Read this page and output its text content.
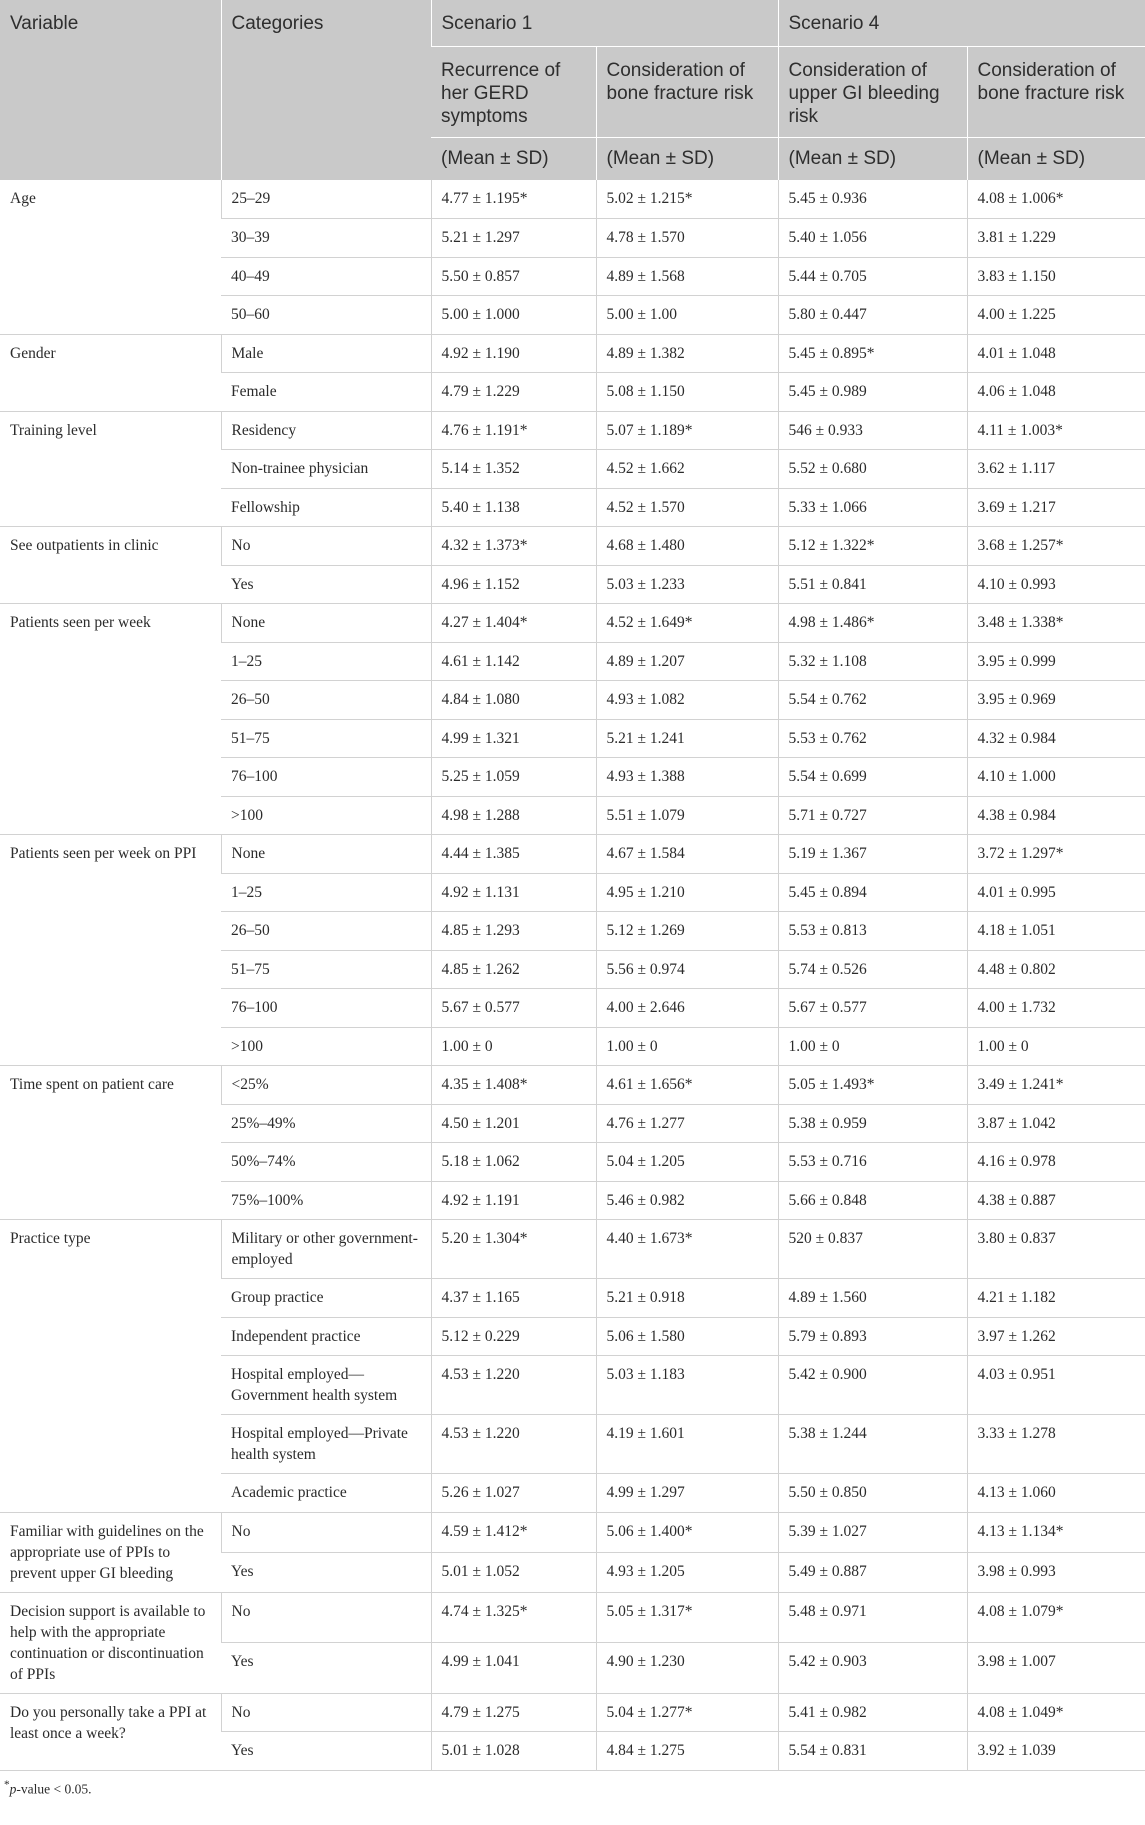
Variable	Categories	Scenario 1		Scenario 4	
		Recurrence of her GERD symptoms	Consideration of bone fracture risk	Consideration of upper GI bleeding risk	Consideration of bone fracture risk
		(Mean ± SD)	(Mean ± SD)	(Mean ± SD)	(Mean ± SD)
Age	25–29	4.77 ± 1.195*	5.02 ± 1.215*	5.45 ± 0.936	4.08 ± 1.006*
	30–39	5.21 ± 1.297	4.78 ± 1.570	5.40 ± 1.056	3.81 ± 1.229
	40–49	5.50 ± 0.857	4.89 ± 1.568	5.44 ± 0.705	3.83 ± 1.150
	50–60	5.00 ± 1.000	5.00 ± 1.00	5.80 ± 0.447	4.00 ± 1.225
Gender	Male	4.92 ± 1.190	4.89 ± 1.382	5.45 ± 0.895*	4.01 ± 1.048
	Female	4.79 ± 1.229	5.08 ± 1.150	5.45 ± 0.989	4.06 ± 1.048
Training level	Residency	4.76 ± 1.191*	5.07 ± 1.189*	546 ± 0.933	4.11 ± 1.003*
	Non-trainee physician	5.14 ± 1.352	4.52 ± 1.662	5.52 ± 0.680	3.62 ± 1.117
	Fellowship	5.40 ± 1.138	4.52 ± 1.570	5.33 ± 1.066	3.69 ± 1.217
See outpatients in clinic	No	4.32 ± 1.373*	4.68 ± 1.480	5.12 ± 1.322*	3.68 ± 1.257*
	Yes	4.96 ± 1.152	5.03 ± 1.233	5.51 ± 0.841	4.10 ± 0.993
Patients seen per week	None	4.27 ± 1.404*	4.52 ± 1.649*	4.98 ± 1.486*	3.48 ± 1.338*
	1–25	4.61 ± 1.142	4.89 ± 1.207	5.32 ± 1.108	3.95 ± 0.999
	26–50	4.84 ± 1.080	4.93 ± 1.082	5.54 ± 0.762	3.95 ± 0.969
	51–75	4.99 ± 1.321	5.21 ± 1.241	5.53 ± 0.762	4.32 ± 0.984
	76–100	5.25 ± 1.059	4.93 ± 1.388	5.54 ± 0.699	4.10 ± 1.000
	>100	4.98 ± 1.288	5.51 ± 1.079	5.71 ± 0.727	4.38 ± 0.984
Patients seen per week on PPI	None	4.44 ± 1.385	4.67 ± 1.584	5.19 ± 1.367	3.72 ± 1.297*
	1–25	4.92 ± 1.131	4.95 ± 1.210	5.45 ± 0.894	4.01 ± 0.995
	26–50	4.85 ± 1.293	5.12 ± 1.269	5.53 ± 0.813	4.18 ± 1.051
	51–75	4.85 ± 1.262	5.56 ± 0.974	5.74 ± 0.526	4.48 ± 0.802
	76–100	5.67 ± 0.577	4.00 ± 2.646	5.67 ± 0.577	4.00 ± 1.732
	>100	1.00 ± 0	1.00 ± 0	1.00 ± 0	1.00 ± 0
Time spent on patient care	<25%	4.35 ± 1.408*	4.61 ± 1.656*	5.05 ± 1.493*	3.49 ± 1.241*
	25%–49%	4.50 ± 1.201	4.76 ± 1.277	5.38 ± 0.959	3.87 ± 1.042
	50%–74%	5.18 ± 1.062	5.04 ± 1.205	5.53 ± 0.716	4.16 ± 0.978
	75%–100%	4.92 ± 1.191	5.46 ± 0.982	5.66 ± 0.848	4.38 ± 0.887
Practice type	Military or other government-employed	5.20 ± 1.304*	4.40 ± 1.673*	520 ± 0.837	3.80 ± 0.837
	Group practice	4.37 ± 1.165	5.21 ± 0.918	4.89 ± 1.560	4.21 ± 1.182
	Independent practice	5.12 ± 0.229	5.06 ± 1.580	5.79 ± 0.893	3.97 ± 1.262
	Hospital employed—Government health system	4.53 ± 1.220	5.03 ± 1.183	5.42 ± 0.900	4.03 ± 0.951
	Hospital employed—Private health system	4.53 ± 1.220	4.19 ± 1.601	5.38 ± 1.244	3.33 ± 1.278
	Academic practice	5.26 ± 1.027	4.99 ± 1.297	5.50 ± 0.850	4.13 ± 1.060
Familiar with guidelines on the appropriate use of PPIs to prevent upper GI bleeding	No	4.59 ± 1.412*	5.06 ± 1.400*	5.39 ± 1.027	4.13 ± 1.134*
	Yes	5.01 ± 1.052	4.93 ± 1.205	5.49 ± 0.887	3.98 ± 0.993
Decision support is available to help with the appropriate continuation or discontinuation of PPIs	No	4.74 ± 1.325*	5.05 ± 1.317*	5.48 ± 0.971	4.08 ± 1.079*
	Yes	4.99 ± 1.041	4.90 ± 1.230	5.42 ± 0.903	3.98 ± 1.007
Do you personally take a PPI at least once a week?	No	4.79 ± 1.275	5.04 ± 1.277*	5.41 ± 0.982	4.08 ± 1.049*
	Yes	5.01 ± 1.028	4.84 ± 1.275	5.54 ± 0.831	3.92 ± 1.039
*p-value < 0.05.
